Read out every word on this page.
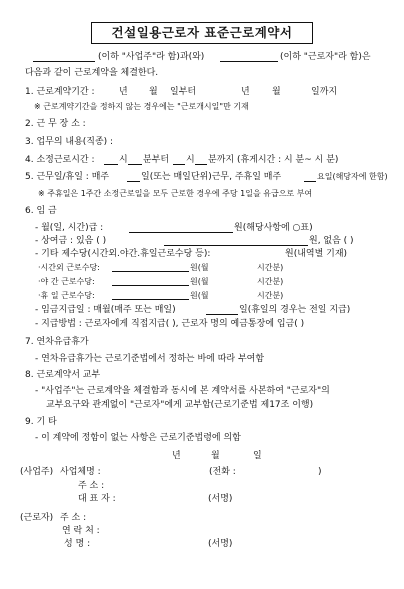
건설일용근로자 표준근로계약서
(이하 "사업주"라 함)과(와)	(이하 "근로자"라 함)은
다음과 같이 근로계약을 체결한다.
1. 근로계약기간 :	년 월 일부터	년 월	일까지
※ 근로계약기간을 정하지 않는 경우에는 "근로개시일"만 기재
2. 근 무 장 소 :
3. 업무의 내용(직종) :
4. 소정근로시간 :	시 분부터 시 분까지 (휴게시간 : 시 분~ 시 분)
5. 근무일/휴일 : 매주	일(또는 매일단위)근무, 주휴일 매주	요일(해당자에 한함)
※ 주휴일은 1주간 소정근로일을 모두 근로한 경우에 주당 1일을 유급으로 부여
6. 임 금
- 월(일, 시간)급 :	원(해당사항에 ○표)
- 상여금 : 있음 ( )	원, 없음 ( )
- 기타 제수당(시간외.야간.휴일근로수당 등):	원(내역별 기재)
·시간외 근로수당:	원(월	시간분)
·야 간 근로수당:	원(월	시간분)
·휴 일 근로수당:	원(월	시간분)
- 임금지급일 : 매월(매주 또는 매일)	일(휴일의 경우는 전일 지급)
- 지급방법 : 근로자에게 직접지급( ), 근로자 명의 예금통장에 입금( )
7. 연차유급휴가
- 연차유급휴가는 근로기준법에서 정하는 바에 따라 부여함
8. 근로계약서 교부
- "사업주"는 근로계약을 체결함과 동시에 본 계약서를 사본하여 "근로자"의
교부요구와 관계없이 "근로자"에게 교부함(근로기준법 제17조 이행)
9. 기 타
- 이 계약에 정함이 없는 사항은 근로기준법령에 의함
년	월	일
(사업주) 사업체명 :	(전화 :	)
주 소 :
대 표 자 :	(서명)
(근로자) 주 소 :
연 락 처 :
성 명 :	(서명)
